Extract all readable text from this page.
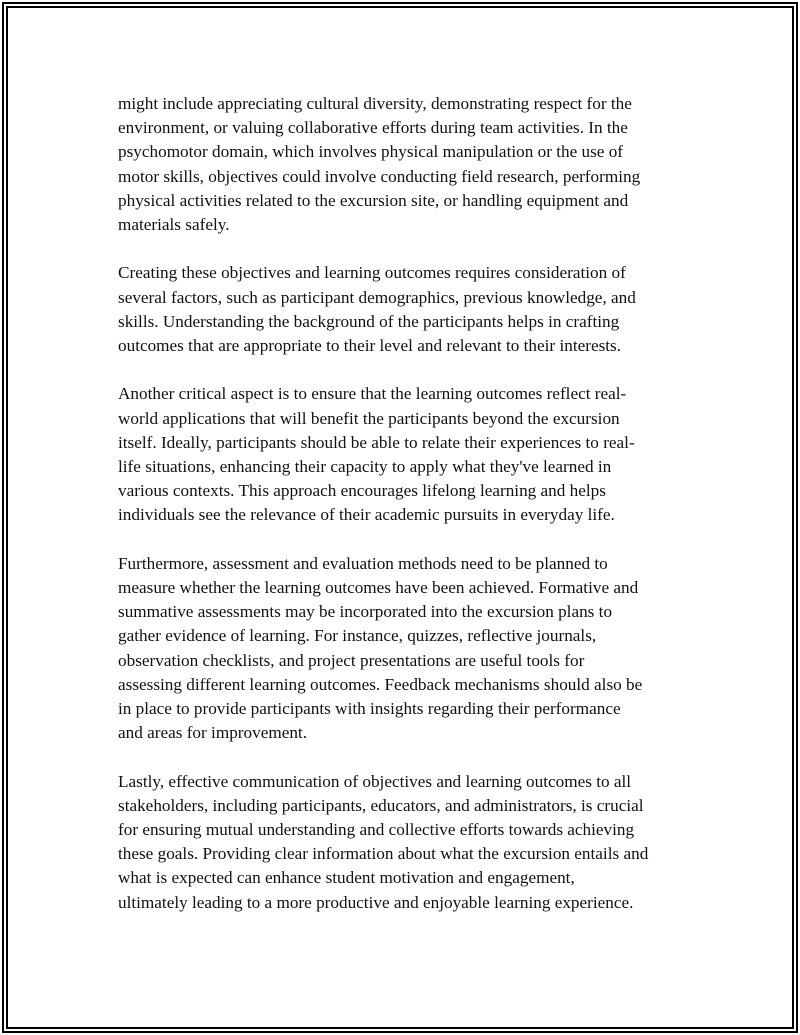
might include appreciating cultural diversity, demonstrating respect for the
environment, or valuing collaborative efforts during team activities. In the
psychomotor domain, which involves physical manipulation or the use of
motor skills, objectives could involve conducting field research, performing
physical activities related to the excursion site, or handling equipment and
materials safely.

Creating these objectives and learning outcomes requires consideration of
several factors, such as participant demographics, previous knowledge, and
skills. Understanding the background of the participants helps in crafting
outcomes that are appropriate to their level and relevant to their interests.

Another critical aspect is to ensure that the learning outcomes reflect real-
world applications that will benefit the participants beyond the excursion
itself. Ideally, participants should be able to relate their experiences to real-
life situations, enhancing their capacity to apply what they've learned in
various contexts. This approach encourages lifelong learning and helps
individuals see the relevance of their academic pursuits in everyday life.

Furthermore, assessment and evaluation methods need to be planned to
measure whether the learning outcomes have been achieved. Formative and
summative assessments may be incorporated into the excursion plans to
gather evidence of learning. For instance, quizzes, reflective journals,
observation checklists, and project presentations are useful tools for
assessing different learning outcomes. Feedback mechanisms should also be
in place to provide participants with insights regarding their performance
and areas for improvement.

Lastly, effective communication of objectives and learning outcomes to all
stakeholders, including participants, educators, and administrators, is crucial
for ensuring mutual understanding and collective efforts towards achieving
these goals. Providing clear information about what the excursion entails and
what is expected can enhance student motivation and engagement,
ultimately leading to a more productive and enjoyable learning experience.
